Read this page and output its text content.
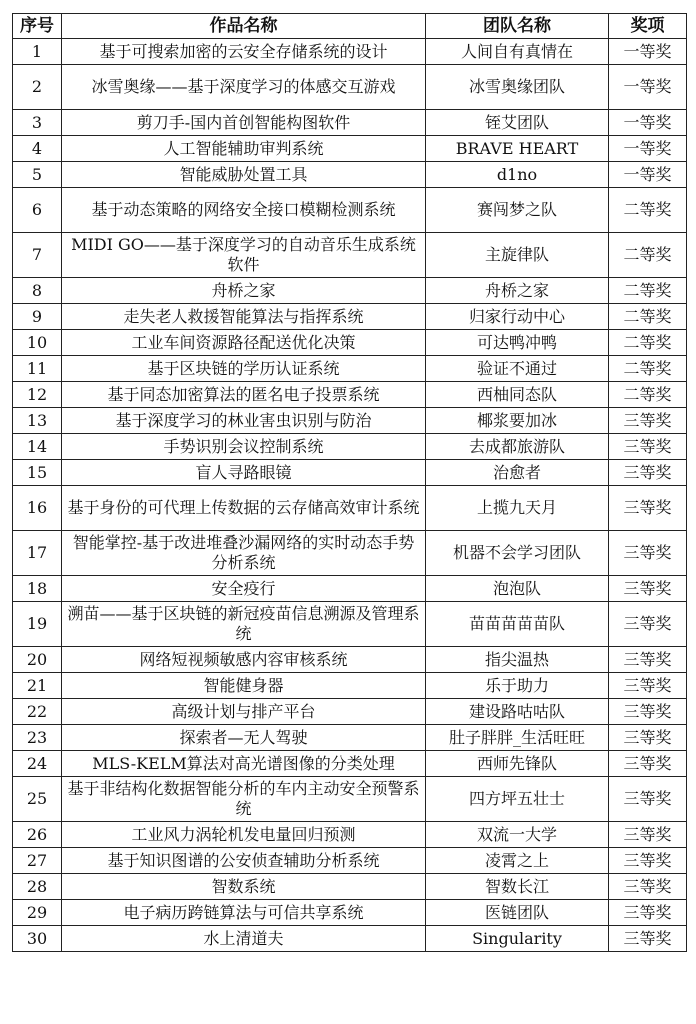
序号	作品名称	团队名称	奖项
1	基于可搜索加密的云安全存储系统的设计	人间自有真情在	一等奖
2	冰雪奥缘——基于深度学习的体感交互游戏	冰雪奥缘团队	一等奖
3	剪刀手-国内首创智能构图软件	铚艾团队	一等奖
4	人工智能辅助审判系统	BRAVE HEART	一等奖
5	智能威胁处置工具	d1no	一等奖
6	基于动态策略的网络安全接口模糊检测系统	赛闯梦之队	二等奖
7	MIDI GO——基于深度学习的自动音乐生成系统软件	主旋律队	二等奖
8	舟桥之家	舟桥之家	二等奖
9	走失老人救援智能算法与指挥系统	归家行动中心	二等奖
10	工业车间资源路径配送优化决策	可达鸭冲鸭	二等奖
11	基于区块链的学历认证系统	验证不通过	二等奖
12	基于同态加密算法的匿名电子投票系统	西柚同态队	二等奖
13	基于深度学习的林业害虫识别与防治	椰浆要加冰	三等奖
14	手势识别会议控制系统	去成都旅游队	三等奖
15	盲人寻路眼镜	治愈者	三等奖
16	基于身份的可代理上传数据的云存储高效审计系统	上揽九天月	三等奖
17	智能掌控-基于改进堆叠沙漏网络的实时动态手势分析系统	机器不会学习团队	三等奖
18	安全疫行	泡泡队	三等奖
19	溯苗——基于区块链的新冠疫苗信息溯源及管理系统	苗苗苗苗苗队	三等奖
20	网络短视频敏感内容审核系统	指尖温热	三等奖
21	智能健身器	乐于助力	三等奖
22	高级计划与排产平台	建设路咕咕队	三等奖
23	探索者—无人驾驶	肚子胖胖_生活旺旺	三等奖
24	MLS-KELM算法对高光谱图像的分类处理	西师先锋队	三等奖
25	基于非结构化数据智能分析的车内主动安全预警系统	四方坪五壮士	三等奖
26	工业风力涡轮机发电量回归预测	双流一大学	三等奖
27	基于知识图谱的公安侦查辅助分析系统	凌霄之上	三等奖
28	智数系统	智数长江	三等奖
29	电子病历跨链算法与可信共享系统	医链团队	三等奖
30	水上清道夫	Singularity	三等奖
